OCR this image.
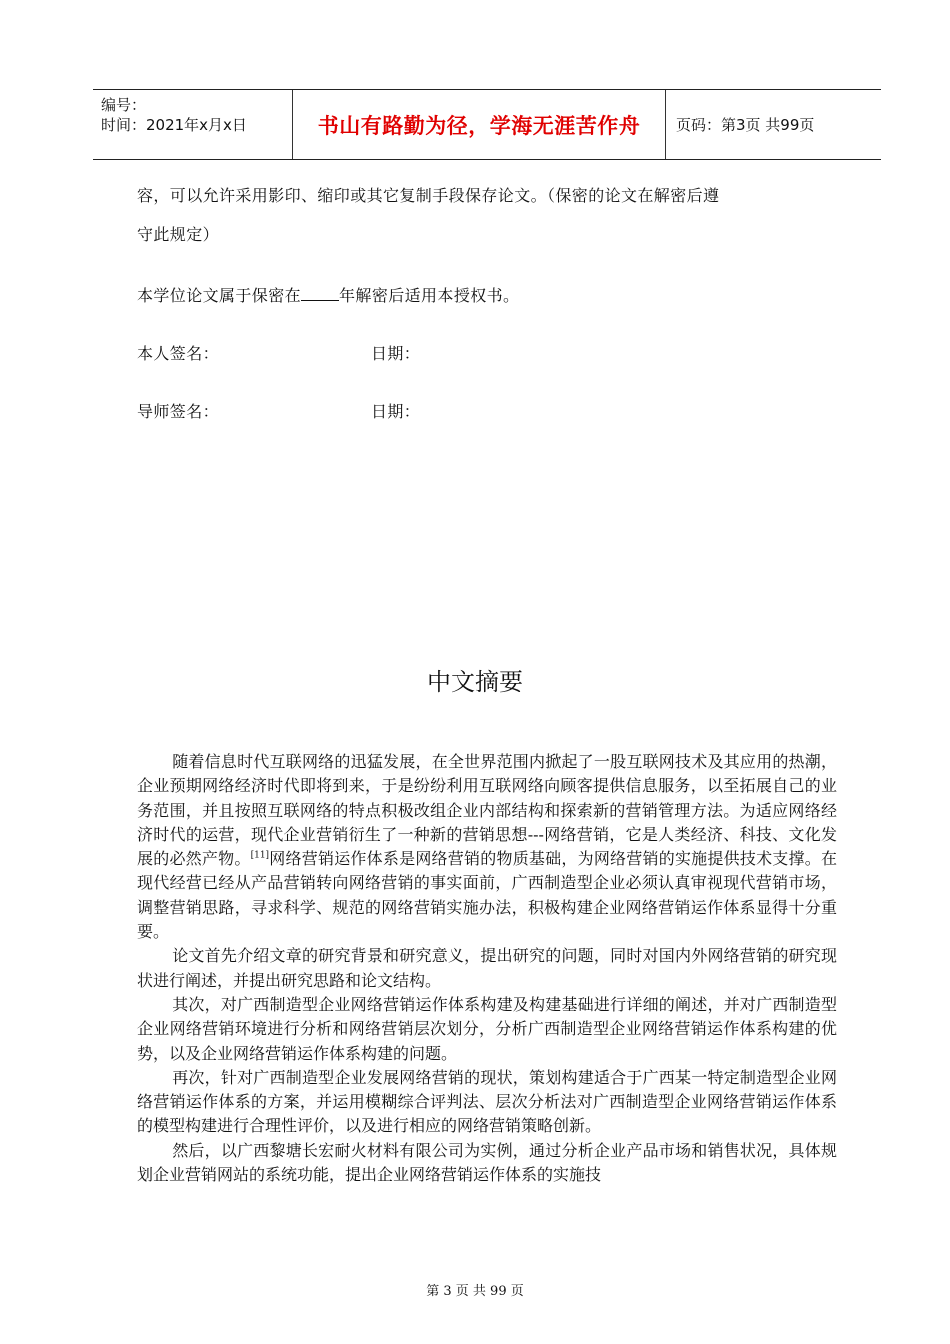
编号：
时间：2021年x月x日	书山有路勤为径，学海无涯苦作舟 页码：第3页 共99页
容，可以允许采用影印、缩印或其它复制手段保存论文。（保密的论文在解密后遵
守此规定）
本学位论文属于保密在 年解密后适用本授权书。
本人签名：	日期：
导师签名：	日期：
中文摘要

随着信息时代互联网络的迅猛发展，在全世界范围内掀起了一股互联网技术及其应用的热潮，企业预期网络经济时代即将到来，于是纷纷利用互联网络向顾客提供信息服务，以至拓展自己的业务范围，并且按照互联网络的特点积极改组企业内部结构和探索新的营销管理方法。为适应网络经济时代的运营，现代企业营销衍生了一种新的营销思想---网络营销，它是人类经济、科技、文化发展的必然产物。[11]网络营销运作体系是网络营销的物质基础，为网络营销的实施提供技术支撑。在现代经营已经从产品营销转向网络营销的事实面前，广西制造型企业必须认真审视现代营销市场，调整营销思路，寻求科学、规范的网络营销实施办法，积极构建企业网络营销运作体系显得十分重要。

论文首先介绍文章的研究背景和研究意义，提出研究的问题，同时对国内外网络营销的研究现状进行阐述，并提出研究思路和论文结构。

其次，对广西制造型企业网络营销运作体系构建及构建基础进行详细的阐述，并对广西制造型企业网络营销环境进行分析和网络营销层次划分，分析广西制造型企业网络营销运作体系构建的优势，以及企业网络营销运作体系构建的问题。

再次，针对广西制造型企业发展网络营销的现状，策划构建适合于广西某一特定制造型企业网络营销运作体系的方案，并运用模糊综合评判法、层次分析法对广西制造型企业网络营销运作体系的模型构建进行合理性评价，以及进行相应的网络营销策略创新。

然后，以广西黎塘长宏耐火材料有限公司为实例，通过分析企业产品市场和销售状况，具体规划企业营销网站的系统功能，提出企业网络营销运作体系的实施技

第 3 页 共 99 页
